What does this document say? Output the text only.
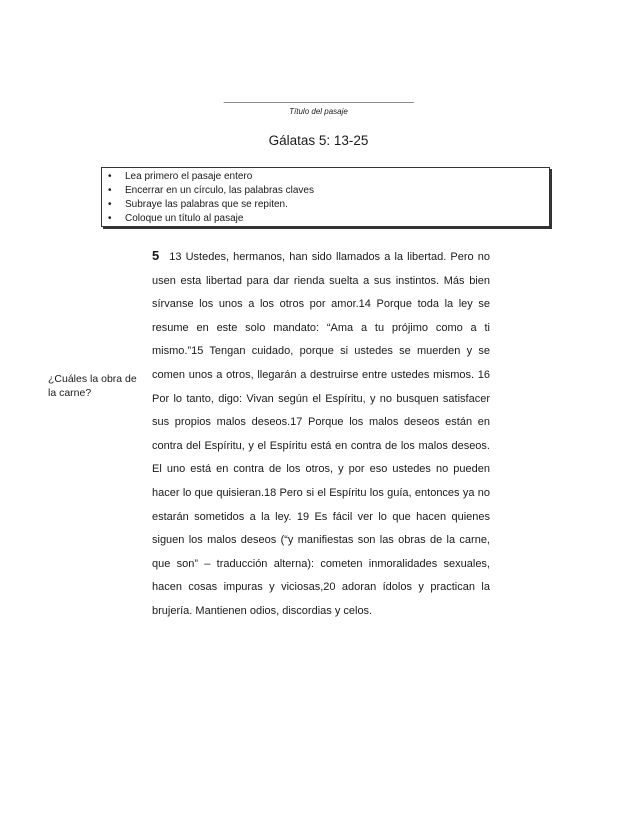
___________________________________________
Título del pasaje
Gálatas 5: 13-25
• Lea primero el pasaje entero
• Encerrar en un círculo, las palabras claves
• Subraye las palabras que se repiten.
• Coloque un título al pasaje
¿Cuáles la obra de la carne?
5 13 Ustedes, hermanos, han sido llamados a la libertad. Pero no usen esta libertad para dar rienda suelta a sus instintos. Más bien sírvanse los unos a los otros por amor.14 Porque toda la ley se resume en este solo mandato: “Ama a tu prójimo como a ti mismo.”15 Tengan cuidado, porque si ustedes se muerden y se comen unos a otros, llegarán a destruirse entre ustedes mismos. 16 Por lo tanto, digo: Vivan según el Espíritu, y no busquen satisfacer sus propios malos deseos.17 Porque los malos deseos están en contra del Espíritu, y el Espíritu está en contra de los malos deseos. El uno está en contra de los otros, y por eso ustedes no pueden hacer lo que quisieran.18 Pero si el Espíritu los guía, entonces ya no estarán sometidos a la ley. 19 Es fácil ver lo que hacen quienes siguen los malos deseos (“y manifiestas son las obras de la carne, que son” – traducción alterna): cometen inmoralidades sexuales, hacen cosas impuras y viciosas,20 adoran ídolos y practican la brujería. Mantienen odios, discordias y celos.
